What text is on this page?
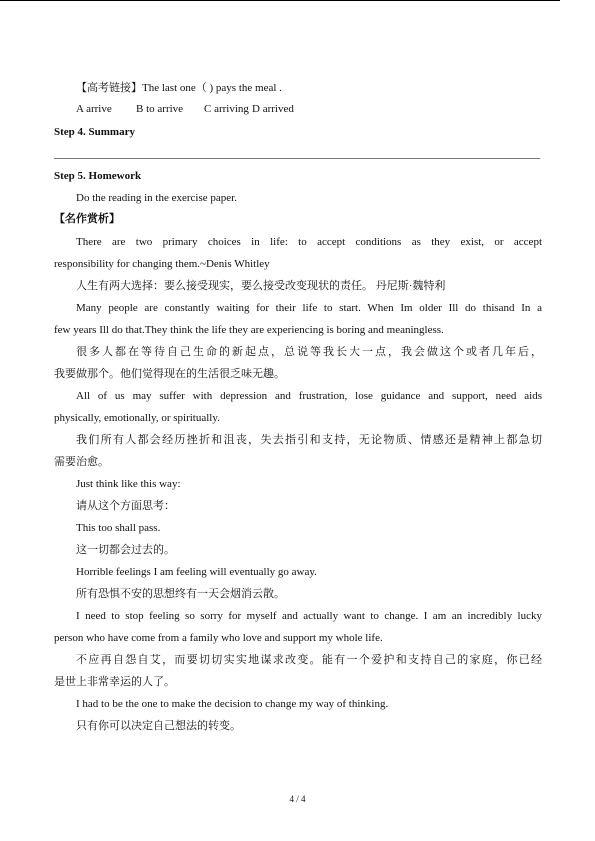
【高考链接】The last one（ ) pays the meal .
A arrive B to arrive C arriving D arrived
Step 4. Summary
Step 5. Homework
Do the reading in the exercise paper.
【名作赏析】
There are two primary choices in life: to accept conditions as they exist, or accept
responsibility for changing them.~Denis Whitley
人生有两大选择：要么接受现实，要么接受改变现状的责任。 丹尼斯·魏特利
Many people are constantly waiting for their life to start. When Im older Ill do thisand In a
few years Ill do that.They think the life they are experiencing is boring and meaningless.
很多人都在等待自己生命的新起点，总说等我长大一点，我会做这个或者几年后，
我要做那个。他们觉得现在的生活很乏味无趣。
All of us may suffer with depression and frustration, lose guidance and support, need aids
physically, emotionally, or spiritually.
我们所有人都会经历挫折和沮丧，失去指引和支持，无论物质、情感还是精神上都急切
需要治愈。
Just think like this way:
请从这个方面思考：
This too shall pass.
这一切都会过去的。
Horrible feelings I am feeling will eventually go away.
所有恐惧不安的思想终有一天会烟消云散。
I need to stop feeling so sorry for myself and actually want to change. I am an incredibly lucky
person who have come from a family who love and support my whole life.
不应再自怨自艾，而要切切实实地谋求改变。能有一个爱护和支持自己的家庭，你已经
是世上非常幸运的人了。
I had to be the one to make the decision to change my way of thinking.
只有你可以决定自己想法的转变。
4 / 4
